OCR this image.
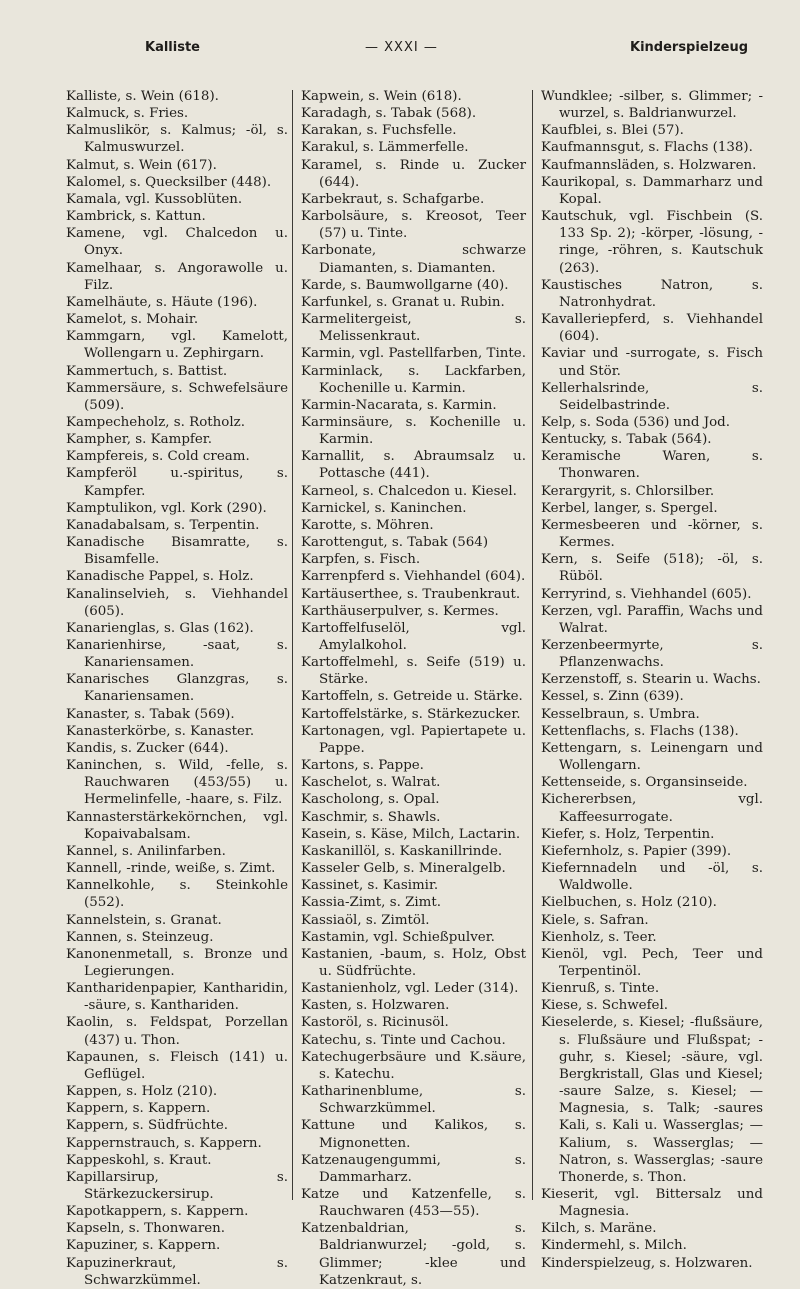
Kalliste	— XXXI —	Kinderspielzeug

Kalliste, s. Wein (618).

Kalmuck, s. Fries.

Kalmuslikör, s. Kalmus; -öl, s. Kalmuswurzel.

Kalmut, s. Wein (617).

Kalomel, s. Quecksilber (448).

Kamala, vgl. Kussoblüten.

Kambrick, s. Kattun.

Kamene, vgl. Chalcedon u. Onyx.

Kamelhaar, s. Angorawolle u. Filz.

Kamelhäute, s. Häute (196).

Kamelot, s. Mohair.

Kammgarn, vgl. Kamelott, Wollengarn u. Zephirgarn.

Kammertuch, s. Battist.

Kammersäure, s. Schwefelsäure (509).

Kampecheholz, s. Rotholz.

Kampher, s. Kampfer.

Kampfereis, s. Cold cream.

Kampferöl u.-spiritus, s. Kampfer.

Kamptulikon, vgl. Kork (290).

Kanadabalsam, s. Terpentin.

Kanadische Bisamratte, s. Bisamfelle.

Kanadische Pappel, s. Holz.

Kanalinselvieh, s. Viehhandel (605).

Kanarienglas, s. Glas (162).

Kanarienhirse, -saat, s. Kanariensamen.

Kanarisches Glanzgras, s. Kanariensamen.

Kanaster, s. Tabak (569).

Kanasterkörbe, s. Kanaster.

Kandis, s. Zucker (644).

Kaninchen, s. Wild, -felle, s. Rauchwaren (453/55) u. Hermelinfelle, -haare, s. Filz.

Kannasterstärkekörnchen, vgl. Kopaivabalsam.

Kannel, s. Anilinfarben.

Kannell, -rinde, weiße, s. Zimt.

Kannelkohle, s. Steinkohle (552).

Kannelstein, s. Granat.

Kannen, s. Steinzeug.

Kanonenmetall, s. Bronze und Legierungen.

Kantharidenpapier, Kantharidin, -säure, s. Kanthariden.

Kaolin, s. Feldspat, Porzellan (437) u. Thon.

Kapaunen, s. Fleisch (141) u. Geflügel.

Kappen, s. Holz (210).

Kappern, s. Kappern.

Kappern, s. Südfrüchte.

Kappernstrauch, s. Kappern.

Kappeskohl, s. Kraut.

Kapillarsirup, s. Stärkezuckersirup.

Kapotkappern, s. Kappern.

Kapseln, s. Thonwaren.

Kapuziner, s. Kappern.

Kapuzinerkraut, s. Schwarzkümmel.

Kapwein, s. Wein (618).

Karadagh, s. Tabak (568).

Karakan, s. Fuchsfelle.

Karakul, s. Lämmerfelle.

Karamel, s. Rinde u. Zucker (644).

Karbekraut, s. Schafgarbe.

Karbolsäure, s. Kreosot, Teer (57) u. Tinte.

Karbonate, schwarze Diamanten, s. Diamanten.

Karde, s. Baumwollgarne (40).

Karfunkel, s. Granat u. Rubin.

Karmelitergeist, s. Melissenkraut.

Karmin, vgl. Pastellfarben, Tinte.

Karminlack, s. Lackfarben, Kochenille u. Karmin.

Karmin-Nacarata, s. Karmin.

Karminsäure, s. Kochenille u. Karmin.

Karnallit, s. Abraumsalz u. Pottasche (441).

Karneol, s. Chalcedon u. Kiesel.

Karnickel, s. Kaninchen.

Karotte, s. Möhren.

Karottengut, s. Tabak (564)

Karpfen, s. Fisch.

Karrenpferd s. Viehhandel (604).

Kartäuserthee, s. Traubenkraut.

Karthäuserpulver, s. Kermes.

Kartoffelfuselöl, vgl. Amylalkohol.

Kartoffelmehl, s. Seife (519) u. Stärke.

Kartoffeln, s. Getreide u. Stärke.

Kartoffelstärke, s. Stärkezucker.

Kartonagen, vgl. Papiertapete u. Pappe.

Kartons, s. Pappe.

Kaschelot, s. Walrat.

Kascholong, s. Opal.

Kaschmir, s. Shawls.

Kasein, s. Käse, Milch, Lactarin.

Kaskanillöl, s. Kaskanillrinde.

Kasseler Gelb, s. Mineralgelb.

Kassinet, s. Kasimir.

Kassia-Zimt, s. Zimt.

Kassiaöl, s. Zimtöl.

Kastamin, vgl. Schießpulver.

Kastanien, -baum, s. Holz, Obst u. Südfrüchte.

Kastanienholz, vgl. Leder (314).

Kasten, s. Holzwaren.

Kastoröl, s. Ricinusöl.

Katechu, s. Tinte und Cachou.

Katechugerbsäure und K.säure, s. Katechu.

Katharinenblume, s. Schwarzkümmel.

Kattune und Kalikos, s. Mignonetten.

Katzenaugengummi, s. Dammarharz.

Katze und Katzenfelle, s. Rauchwaren (453—55).

Katzenbaldrian, s. Baldrianwurzel; -gold, s. Glimmer; -klee und Katzenkraut, s.

Wundklee; -silber, s. Glimmer; -wurzel, s. Baldrianwurzel.

Kaufblei, s. Blei (57).

Kaufmannsgut, s. Flachs (138).

Kaufmannsläden, s. Holzwaren.

Kaurikopal, s. Dammarharz und Kopal.

Kautschuk, vgl. Fischbein (S. 133 Sp. 2); -körper, -lösung, -ringe, -röhren, s. Kautschuk (263).

Kaustisches Natron, s. Natronhydrat.

Kavalleriepferd, s. Viehhandel (604).

Kaviar und -surrogate, s. Fisch und Stör.

Kellerhalsrinde, s. Seidelbastrinde.

Kelp, s. Soda (536) und Jod.

Kentucky, s. Tabak (564).

Keramische Waren, s. Thonwaren.

Kerargyrit, s. Chlorsilber.

Kerbel, langer, s. Spergel.

Kermesbeeren und -körner, s. Kermes.

Kern, s. Seife (518); -öl, s. Rüböl.

Kerryrind, s. Viehhandel (605).

Kerzen, vgl. Paraffin, Wachs und Walrat.

Kerzenbeermyrte, s. Pflanzenwachs.

Kerzenstoff, s. Stearin u. Wachs.

Kessel, s. Zinn (639).

Kesselbraun, s. Umbra.

Kettenflachs, s. Flachs (138).

Kettengarn, s. Leinengarn und Wollengarn.

Kettenseide, s. Organsinseide.

Kichererbsen, vgl. Kaffeesurrogate.

Kiefer, s. Holz, Terpentin.

Kiefernholz, s. Papier (399).

Kiefernnadeln und -öl, s. Waldwolle.

Kielbuchen, s. Holz (210).

Kiele, s. Safran.

Kienholz, s. Teer.

Kienöl, vgl. Pech, Teer und Terpentinöl.

Kienruß, s. Tinte.

Kiese, s. Schwefel.

Kieselerde, s. Kiesel; -flußsäure, s. Flußsäure und Flußspat; -guhr, s. Kiesel; -säure, vgl. Bergkristall, Glas und Kiesel; -saure Salze, s. Kiesel; — Magnesia, s. Talk; -saures Kali, s. Kali u. Wasserglas; — Kalium, s. Wasserglas; — Natron, s. Wasserglas; -saure Thonerde, s. Thon.

Kieserit, vgl. Bittersalz und Magnesia.

Kilch, s. Maräne.

Kindermehl, s. Milch.

Kinderspielzeug, s. Holzwaren.
